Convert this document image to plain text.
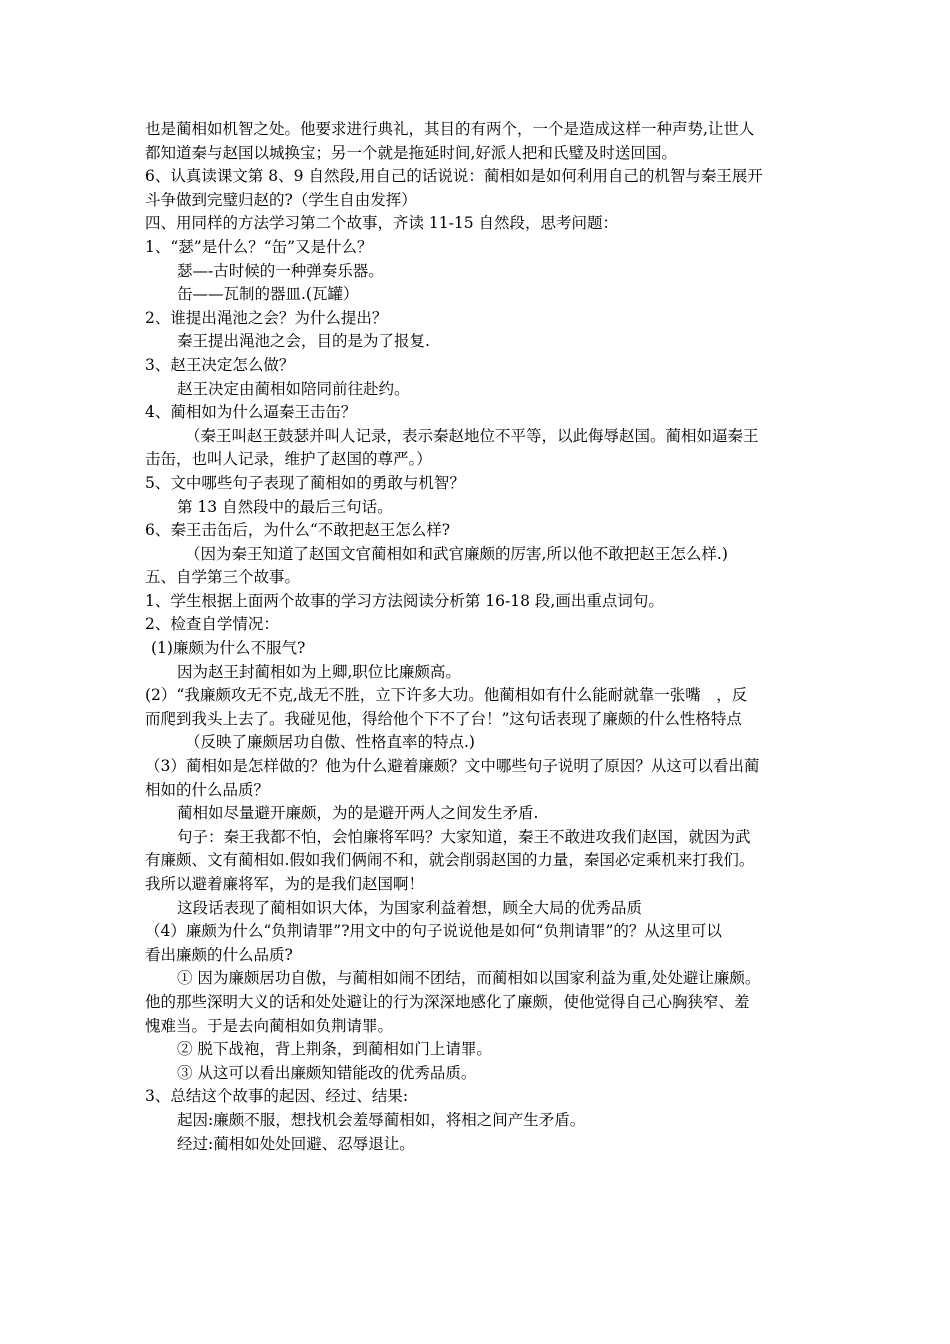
也是蔺相如机智之处。他要求进行典礼，其目的有两个，一个是造成这样一种声势,让世人
都知道秦与赵国以城换宝；另一个就是拖延时间,好派人把和氏璧及时送回国。
6、认真读课文第 8、9 自然段,用自己的话说说：蔺相如是如何利用自己的机智与秦王展开
斗争做到完璧归赵的?（学生自由发挥）
四、用同样的方法学习第二个故事，齐读 11-15 自然段，思考问题：
1、“瑟”是什么？“缶”又是什么？
瑟—-古时候的一种弹奏乐器。
缶——瓦制的器皿.(瓦罐）
2、谁提出渑池之会？为什么提出？
秦王提出渑池之会，目的是为了报复.
3、赵王决定怎么做？
赵王决定由蔺相如陪同前往赴约。
4、蔺相如为什么逼秦王击缶？
（秦王叫赵王鼓瑟并叫人记录，表示秦赵地位不平等，以此侮辱赵国。蔺相如逼秦王
击缶，也叫人记录，维护了赵国的尊严。）
5、文中哪些句子表现了蔺相如的勇敢与机智？
第 13 自然段中的最后三句话。
6、秦王击缶后，为什么“不敢把赵王怎么样?
（因为秦王知道了赵国文官蔺相如和武官廉颇的厉害,所以他不敢把赵王怎么样.)
五、自学第三个故事。
1、学生根据上面两个故事的学习方法阅读分析第 16-18 段,画出重点词句。
2、检查自学情况：
(1)廉颇为什么不服气?
因为赵王封蔺相如为上卿,职位比廉颇高。
(2）“我廉颇攻无不克,战无不胜，立下许多大功。他蔺相如有什么能耐就靠一张嘴　，反
而爬到我头上去了。我碰见他，得给他个下不了台！”这句话表现了廉颇的什么性格特点
（反映了廉颇居功自傲、性格直率的特点.)
（3）蔺相如是怎样做的？他为什么避着廉颇？文中哪些句子说明了原因？从这可以看出蔺
相如的什么品质？
蔺相如尽量避开廉颇，为的是避开两人之间发生矛盾.
句子：秦王我都不怕，会怕廉将军吗？大家知道，秦王不敢进攻我们赵国，就因为武
有廉颇、文有蔺相如.假如我们俩闹不和，就会削弱赵国的力量，秦国必定乘机来打我们。
我所以避着廉将军，为的是我们赵国啊！
这段话表现了蔺相如识大体，为国家利益着想，顾全大局的优秀品质
（4）廉颇为什么“负荆请罪”?用文中的句子说说他是如何“负荆请罪”的？从这里可以
看出廉颇的什么品质?
① 因为廉颇居功自傲，与蔺相如闹不团结，而蔺相如以国家利益为重,处处避让廉颇。
他的那些深明大义的话和处处避让的行为深深地感化了廉颇，使他觉得自己心胸狭窄、羞
愧难当。于是去向蔺相如负荆请罪。
② 脱下战袍，背上荆条，到蔺相如门上请罪。
③ 从这可以看出廉颇知错能改的优秀品质。
3、总结这个故事的起因、经过、结果:
起因:廉颇不服，想找机会羞辱蔺相如，将相之间产生矛盾。
经过:蔺相如处处回避、忍辱退让。
